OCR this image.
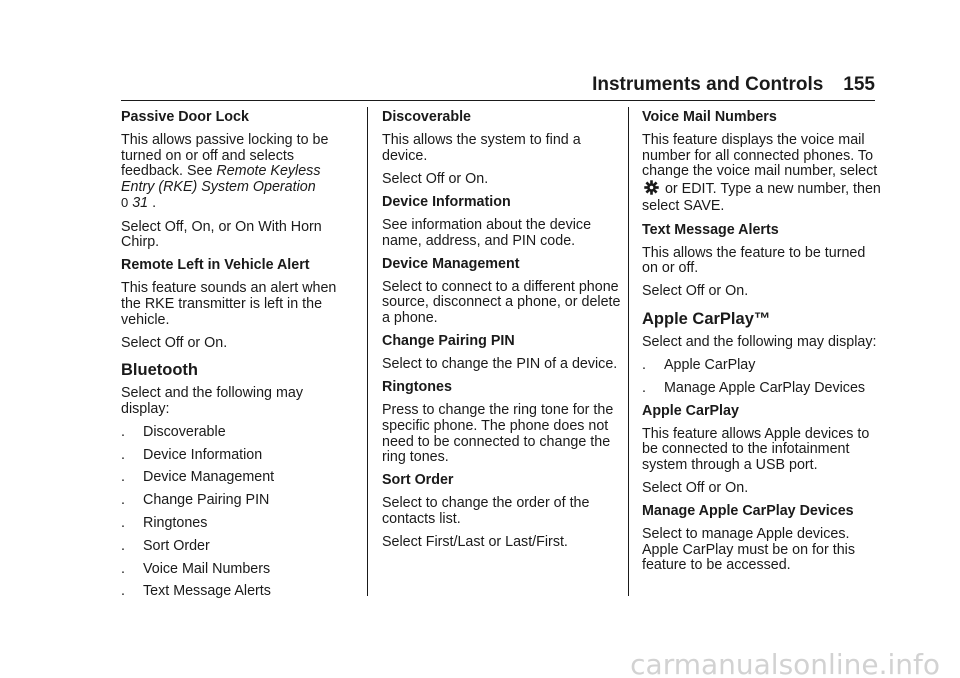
Instruments and Controls 155

Passive Door Lock

This allows passive locking to be turned on or off and selects feedback. See Remote Keyless Entry (RKE) System Operation
0 31 .

Select Off, On, or On With Horn Chirp.

Remote Left in Vehicle Alert

This feature sounds an alert when the RKE transmitter is left in the vehicle.

Select Off or On.

Bluetooth

Select and the following may display:

. Discoverable
. Device Information
. Device Management
. Change Pairing PIN
. Ringtones
. Sort Order
. Voice Mail Numbers
. Text Message Alerts

Discoverable

This allows the system to find a device.

Select Off or On.

Device Information

See information about the device name, address, and PIN code.

Device Management

Select to connect to a different phone source, disconnect a phone, or delete a phone.

Change Pairing PIN

Select to change the PIN of a device.

Ringtones

Press to change the ring tone for the specific phone. The phone does not need to be connected to change the ring tones.

Sort Order

Select to change the order of the contacts list.

Select First/Last or Last/First.

Voice Mail Numbers

This feature displays the voice mail number for all connected phones. To change the voice mail number, select  or EDIT. Type a new number, then select SAVE.

Text Message Alerts

This allows the feature to be turned on or off.

Select Off or On.

Apple CarPlay™

Select and the following may display:

. Apple CarPlay
. Manage Apple CarPlay Devices

Apple CarPlay

This feature allows Apple devices to be connected to the infotainment system through a USB port.

Select Off or On.

Manage Apple CarPlay Devices

Select to manage Apple devices. Apple CarPlay must be on for this feature to be accessed.

carmanualsonline.info
